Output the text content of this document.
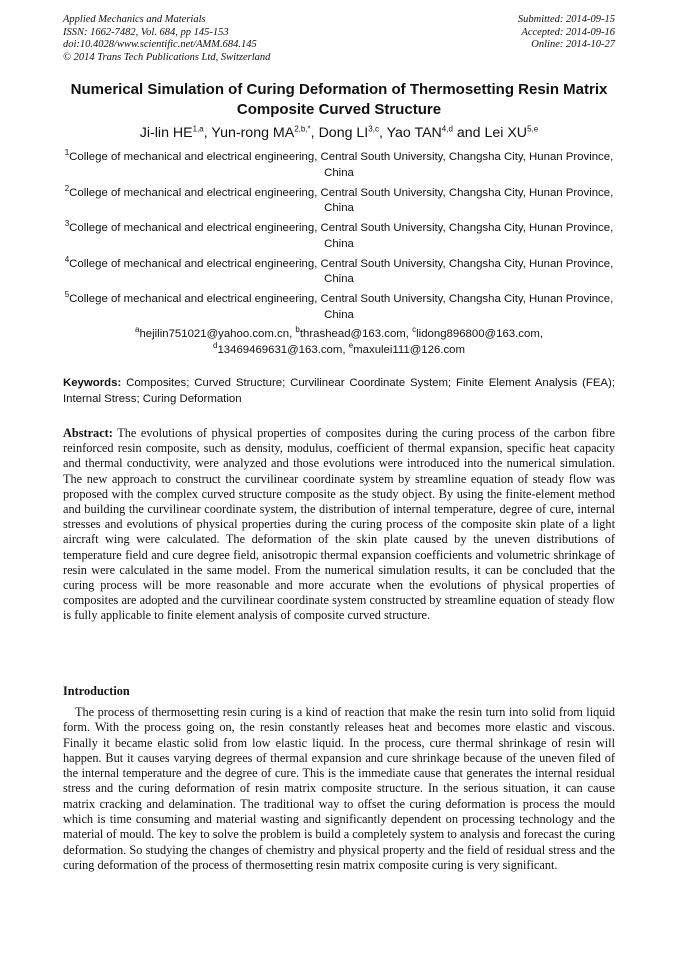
Applied Mechanics and Materials
ISSN: 1662-7482, Vol. 684, pp 145-153
doi:10.4028/www.scientific.net/AMM.684.145
© 2014 Trans Tech Publications Ltd, Switzerland
Submitted: 2014-09-15
Accepted: 2014-09-16
Online: 2014-10-27
Numerical Simulation of Curing Deformation of Thermosetting Resin Matrix Composite Curved Structure
Ji-lin HE$^{1,a}$, Yun-rong $MA^{2,b,*}$, Dong LI$^{3,c}$, Yao TAN$^{4,d}$ and Lei XU$^{5,e}$
$^1$College of mechanical and electrical engineering, Central South University, Changsha City, Hunan Province, China
$^2$College of mechanical and electrical engineering, Central South University, Changsha City, Hunan Province, China
$^3$College of mechanical and electrical engineering, Central South University, Changsha City, Hunan Province, China
$^4$College of mechanical and electrical engineering, Central South University, Changsha City, Hunan Province, China
$^5$College of mechanical and electrical engineering, Central South University, Changsha City, Hunan Province, China
$^a$hejilin751021@yahoo.com.cn, $^b$thrashead@163.com, $^c$lidong896800@163.com,
$^d$13469469631@163.com, $^e$maxulei111@126.com
Keywords: Composites; Curved Structure; Curvilinear Coordinate System; Finite Element Analysis (FEA); Internal Stress; Curing Deformation
Abstract: The evolutions of physical properties of composites during the curing process of the carbon fibre reinforced resin composite, such as density, modulus, coefficient of thermal expansion, specific heat capacity and thermal conductivity, were analyzed and those evolutions were introduced into the numerical simulation. The new approach to construct the curvilinear coordinate system by streamline equation of steady flow was proposed with the complex curved structure composite as the study object. By using the finite-element method and building the curvilinear coordinate system, the distribution of internal temperature, degree of cure, internal stresses and evolutions of physical properties during the curing process of the composite skin plate of a light aircraft wing were calculated. The deformation of the skin plate caused by the uneven distributions of temperature field and cure degree field, anisotropic thermal expansion coefficients and volumetric shrinkage of resin were calculated in the same model. From the numerical simulation results, it can be concluded that the curing process will be more reasonable and more accurate when the evolutions of physical properties of composites are adopted and the curvilinear coordinate system constructed by streamline equation of steady flow is fully applicable to finite element analysis of composite curved structure.
Introduction
The process of thermosetting resin curing is a kind of reaction that make the resin turn into solid from liquid form. With the process going on, the resin constantly releases heat and becomes more elastic and viscous. Finally it became elastic solid from low elastic liquid. In the process, cure thermal shrinkage of resin will happen. But it causes varying degrees of thermal expansion and cure shrinkage because of the uneven filed of the internal temperature and the degree of cure. This is the immediate cause that generates the internal residual stress and the curing deformation of resin matrix composite structure. In the serious situation, it can cause matrix cracking and delamination. The traditional way to offset the curing deformation is process the mould which is time consuming and material wasting and significantly dependent on processing technology and the material of mould. The key to solve the problem is build a completely system to analysis and forecast the curing deformation. So studying the changes of chemistry and physical property and the field of residual stress and the curing deformation of the process of thermosetting resin matrix composite curing is very significant.
